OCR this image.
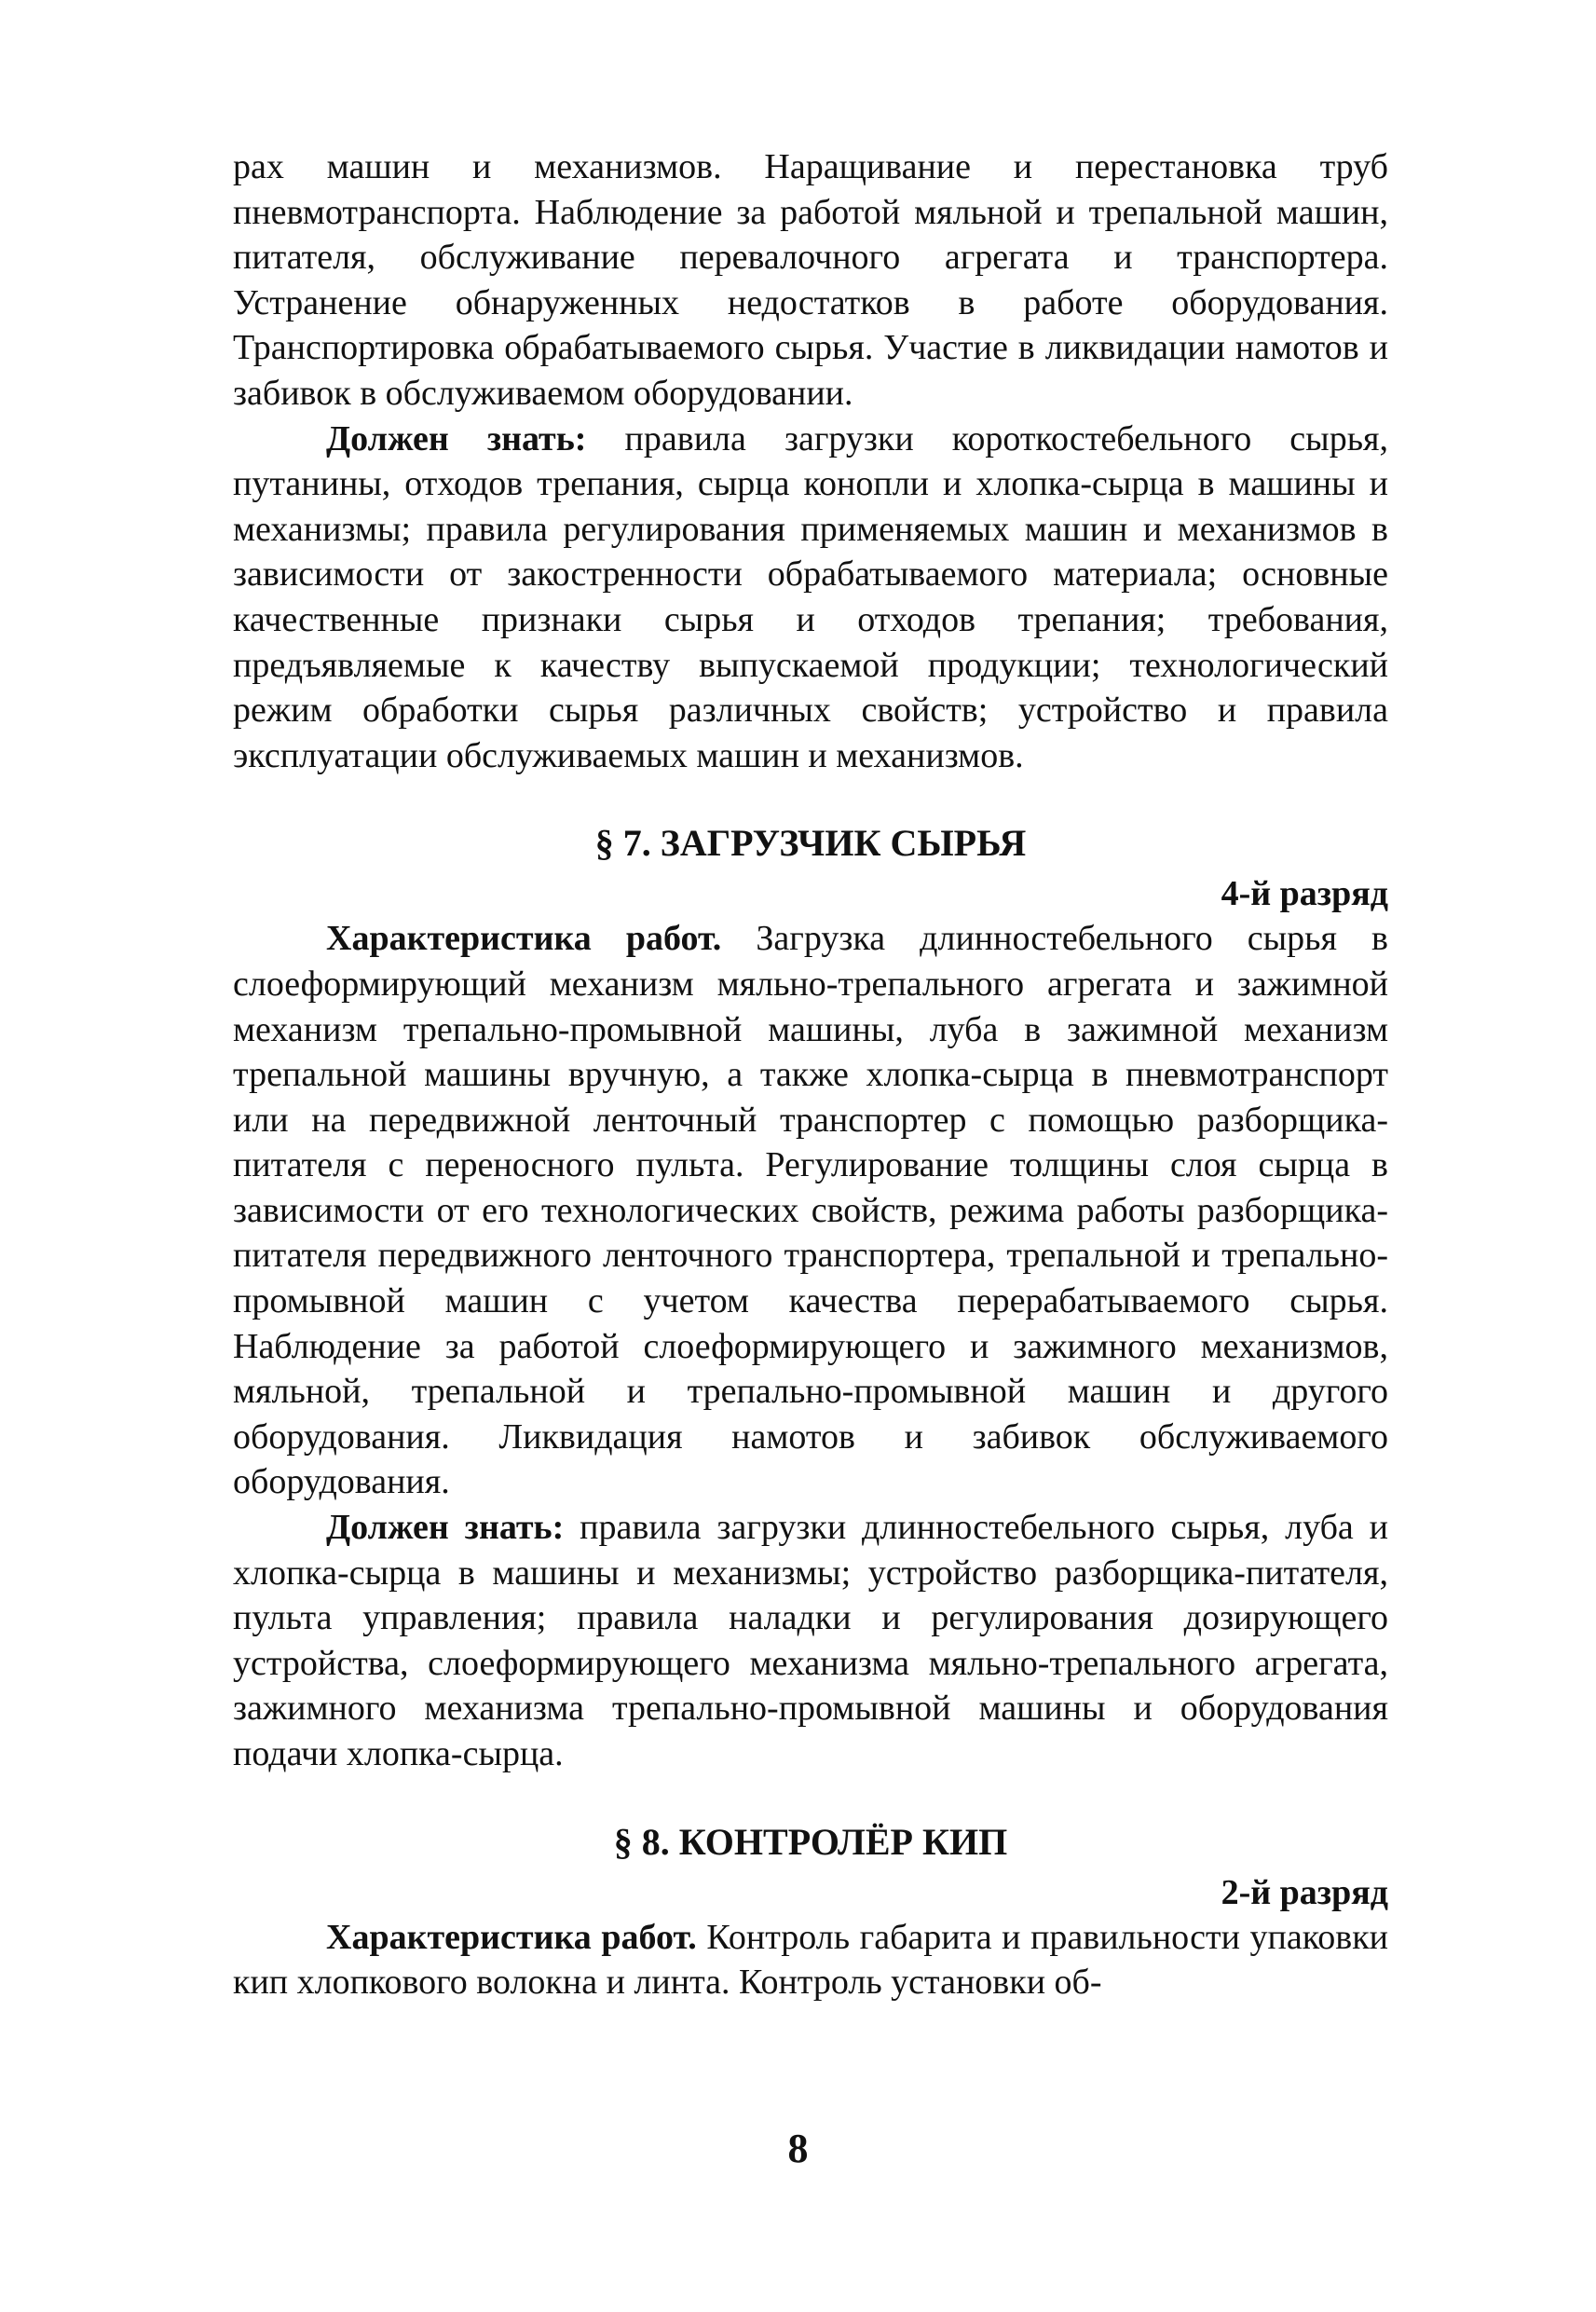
рах машин и механизмов. Наращивание и перестановка труб пневмотранспорта. Наблюдение за работой мяльной и трепальной машин, питателя, обслуживание перевалочного агрегата и транспортера. Устранение обнаруженных недостатков в работе оборудования. Транспортировка обрабатываемого сырья. Участие в ликвидации намотов и забивок в обслуживаемом оборудовании.

Должен знать: правила загрузки короткостебельного сырья, путанины, отходов трепания, сырца конопли и хлопка-сырца в машины и механизмы; правила регулирования применяемых машин и механизмов в зависимости от закостренности обрабатываемого материала; основные качественные признаки сырья и отходов трепания; требования, предъявляемые к качеству выпускаемой продукции; технологический режим обработки сырья различных свойств; устройство и правила эксплуатации обслуживаемых машин и механизмов.

§ 7. ЗАГРУЗЧИК СЫРЬЯ
4-й разряд

Характеристика работ. Загрузка длинностебельного сырья в слоеформирующий механизм мяльно-трепального агрегата и зажимной механизм трепально-промывной машины, луба в зажимной механизм трепальной машины вручную, а также хлопка-сырца в пневмотранспорт или на передвижной ленточный транспортер с помощью разборщика-питателя с переносного пульта. Регулирование толщины слоя сырца в зависимости от его технологических свойств, режима работы разборщика-питателя передвижного ленточного транспортера, трепальной и трепально-промывной машин с учетом качества перерабатываемого сырья. Наблюдение за работой слоеформирующего и зажимного механизмов, мяльной, трепальной и трепально-промывной машин и другого оборудования. Ликвидация намотов и забивок обслуживаемого оборудования.

Должен знать: правила загрузки длинностебельного сырья, луба и хлопка-сырца в машины и механизмы; устройство разборщика-питателя, пульта управления; правила наладки и регулирования дозирующего устройства, слоеформирующего механизма мяльно-трепального агрегата, зажимного механизма трепально-промывной машины и оборудования подачи хлопка-сырца.

§ 8. КОНТРОЛЁР КИП
2-й разряд

Характеристика работ. Контроль габарита и правильности упаковки кип хлопкового волокна и линта. Контроль установки об-

8
